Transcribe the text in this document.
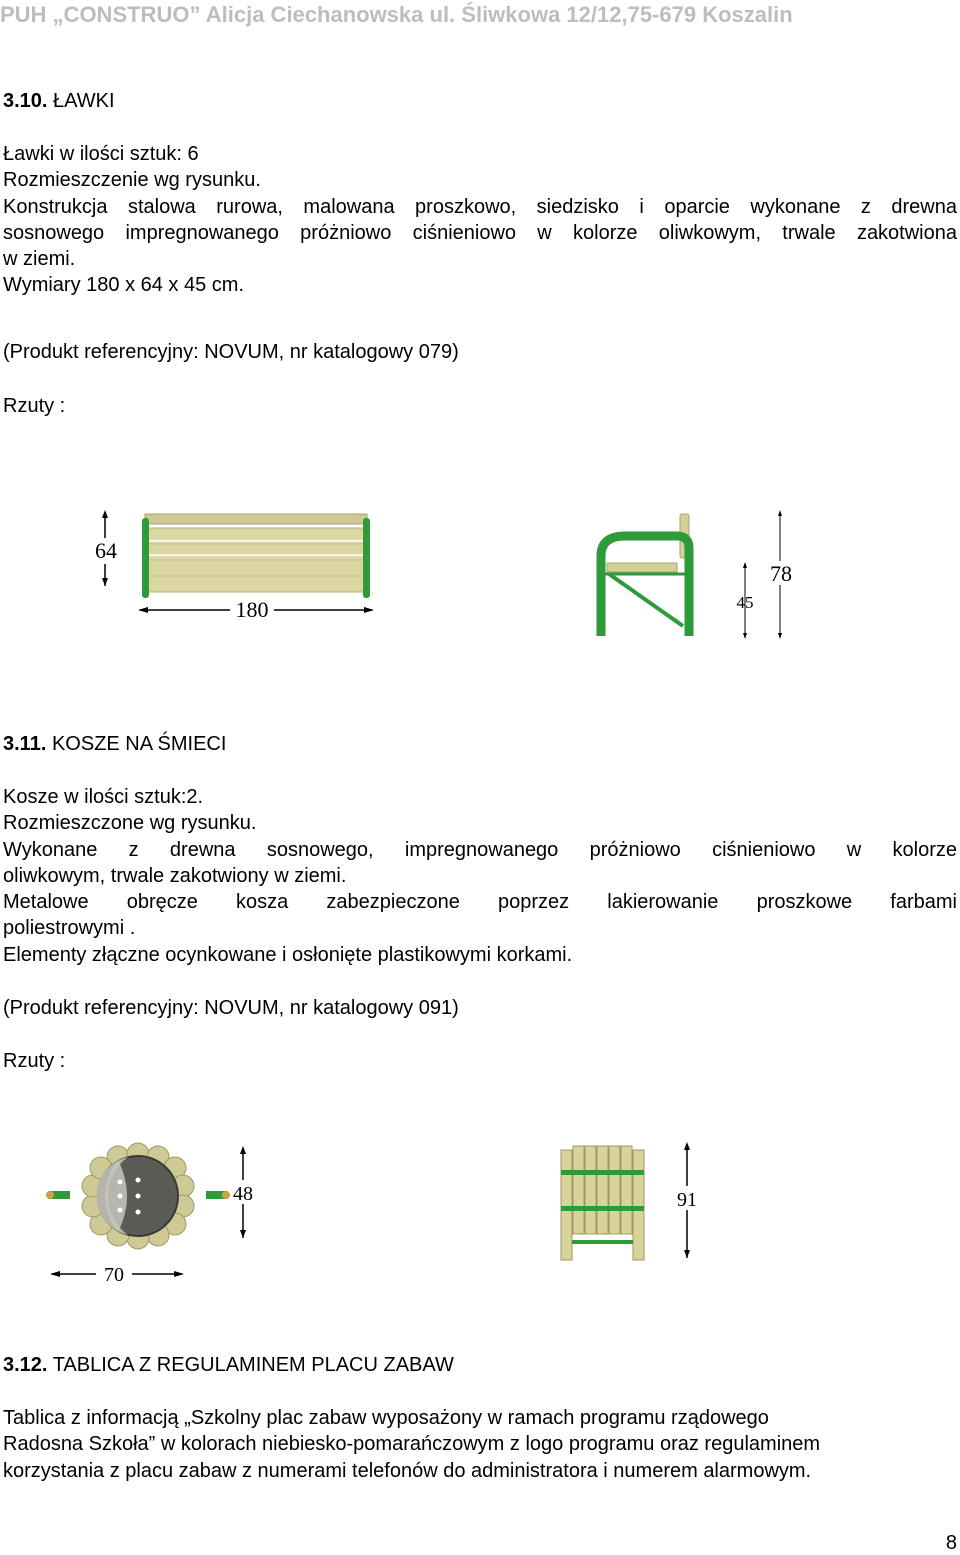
PUH „CONSTRUO” Alicja Ciechanowska ul. Śliwkowa 12/12,75-679 Koszalin
3.10. ŁAWKI
Ławki w ilości sztuk: 6
Rozmieszczenie wg rysunku.
Konstrukcja stalowa rurowa, malowana proszkowo, siedzisko i oparcie wykonane z drewna
sosnowego impregnowanego próżniowo ciśnieniowo w kolorze oliwkowym, trwale zakotwiona
w ziemi.
Wymiary 180 x 64 x 45 cm.
(Produkt referencyjny: NOVUM, nr katalogowy 079)
Rzuty :
64
180	45
78
3.11. KOSZE NA ŚMIECI
Kosze w ilości sztuk:2.
Rozmieszczone wg rysunku.
Wykonane z drewna sosnowego, impregnowanego próżniowo ciśnieniowo w kolorze
oliwkowym, trwale zakotwiony w ziemi.
Metalowe obręcze kosza zabezpieczone poprzez lakierowanie proszkowe farbami
poliestrowymi .
Elementy złączne ocynkowane i osłonięte plastikowymi korkami.
(Produkt referencyjny: NOVUM, nr katalogowy 091)
Rzuty :
70
48	91
3.12. TABLICA Z REGULAMINEM PLACU ZABAW
Tablica z informacją „Szkolny plac zabaw wyposażony w ramach programu rządowego
Radosna Szkoła” w kolorach niebiesko-pomarańczowym z logo programu oraz regulaminem
korzystania z placu zabaw z numerami telefonów do administratora i numerem alarmowym.
8
